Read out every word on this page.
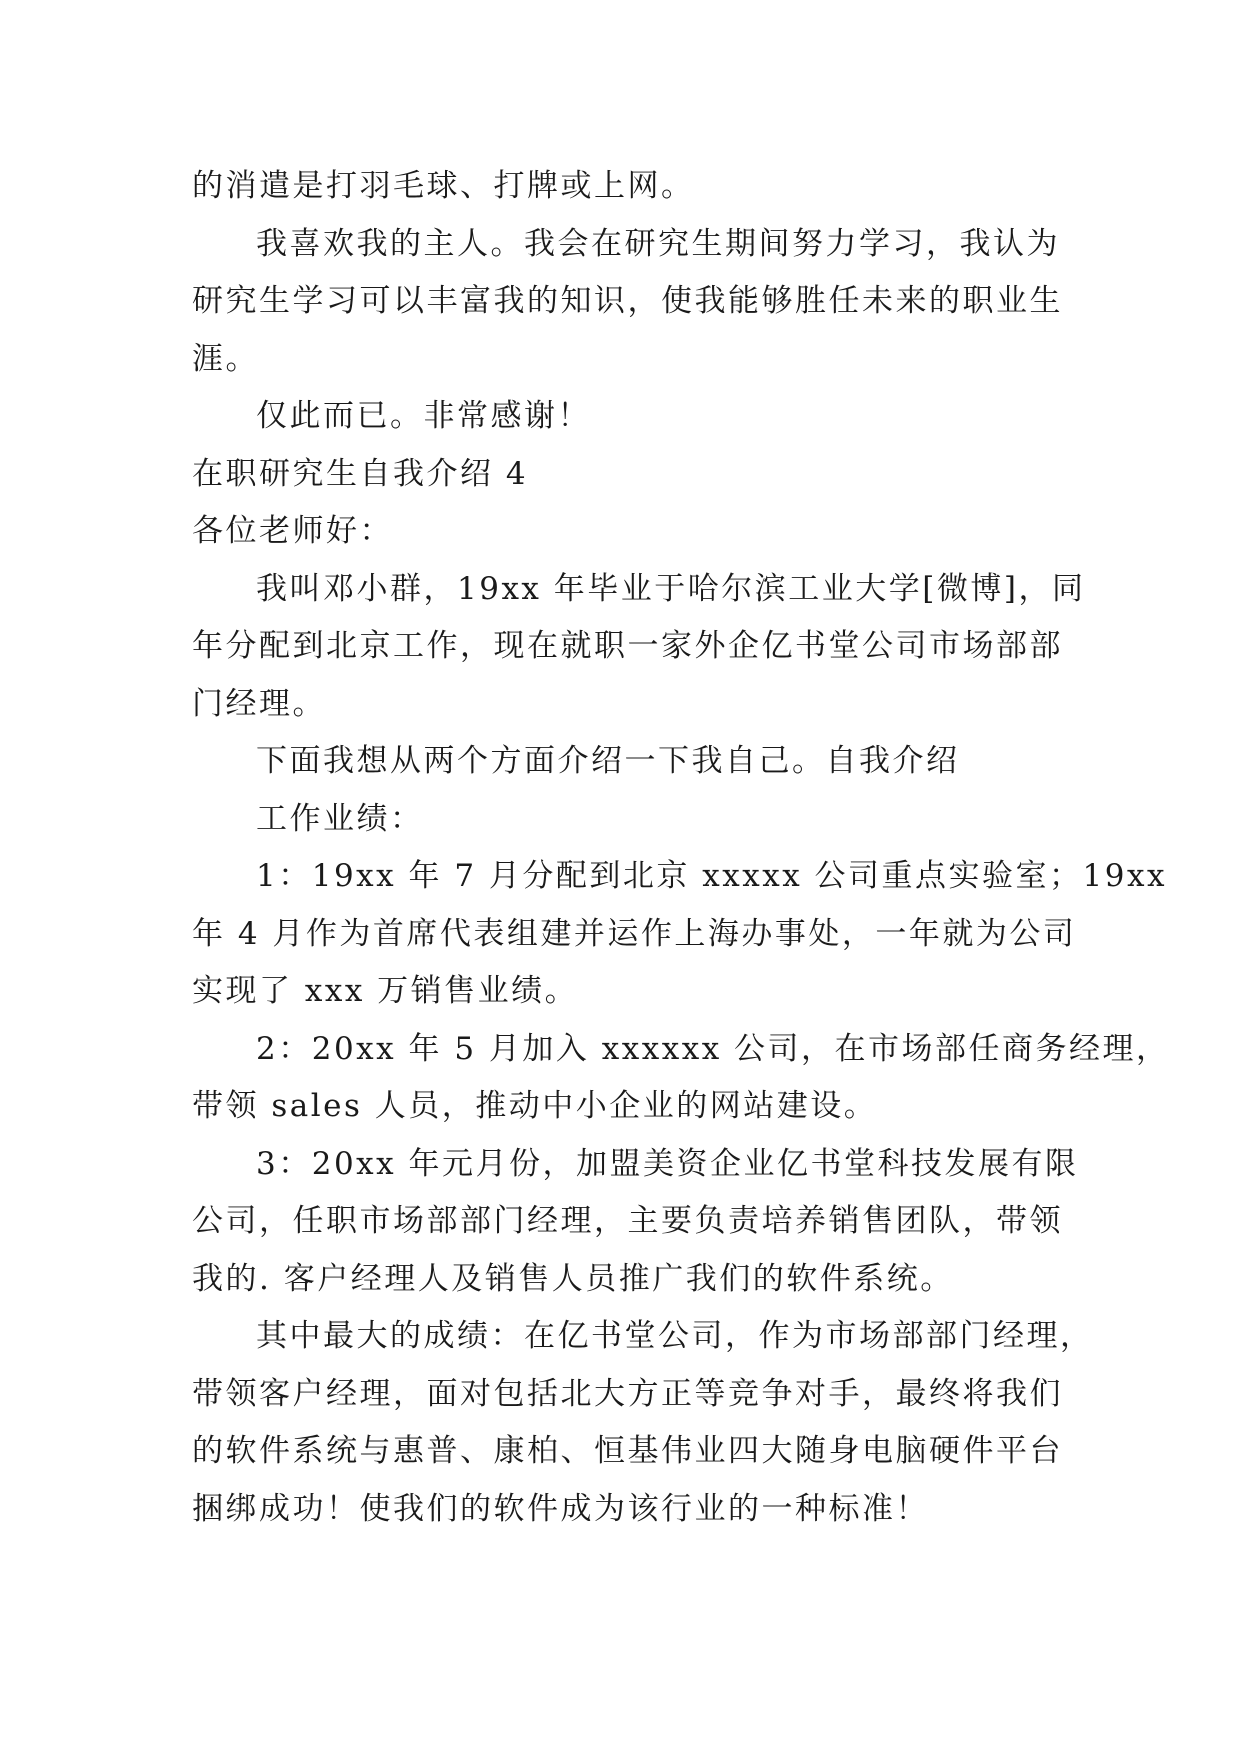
的消遣是打羽毛球、打牌或上网。

我喜欢我的主人。我会在研究生期间努力学习，我认为

研究生学习可以丰富我的知识，使我能够胜任未来的职业生

涯。

仅此而已。非常感谢！

在职研究生自我介绍 4

各位老师好：

我叫邓小群，19xx 年毕业于哈尔滨工业大学[微博]，同

年分配到北京工作，现在就职一家外企亿书堂公司市场部部

门经理。

下面我想从两个方面介绍一下我自己。自我介绍

工作业绩：

1：19xx 年 7 月分配到北京 xxxxx 公司重点实验室；19xx

年 4 月作为首席代表组建并运作上海办事处，一年就为公司

实现了 xxx 万销售业绩。

2：20xx 年 5 月加入 xxxxxx 公司，在市场部任商务经理，

带领 sales 人员，推动中小企业的网站建设。

3：20xx 年元月份，加盟美资企业亿书堂科技发展有限

公司，任职市场部部门经理，主要负责培养销售团队，带领

我的. 客户经理人及销售人员推广我们的软件系统。

其中最大的成绩：在亿书堂公司，作为市场部部门经理，

带领客户经理，面对包括北大方正等竞争对手，最终将我们

的软件系统与惠普、康柏、恒基伟业四大随身电脑硬件平台

捆绑成功！使我们的软件成为该行业的一种标准！
